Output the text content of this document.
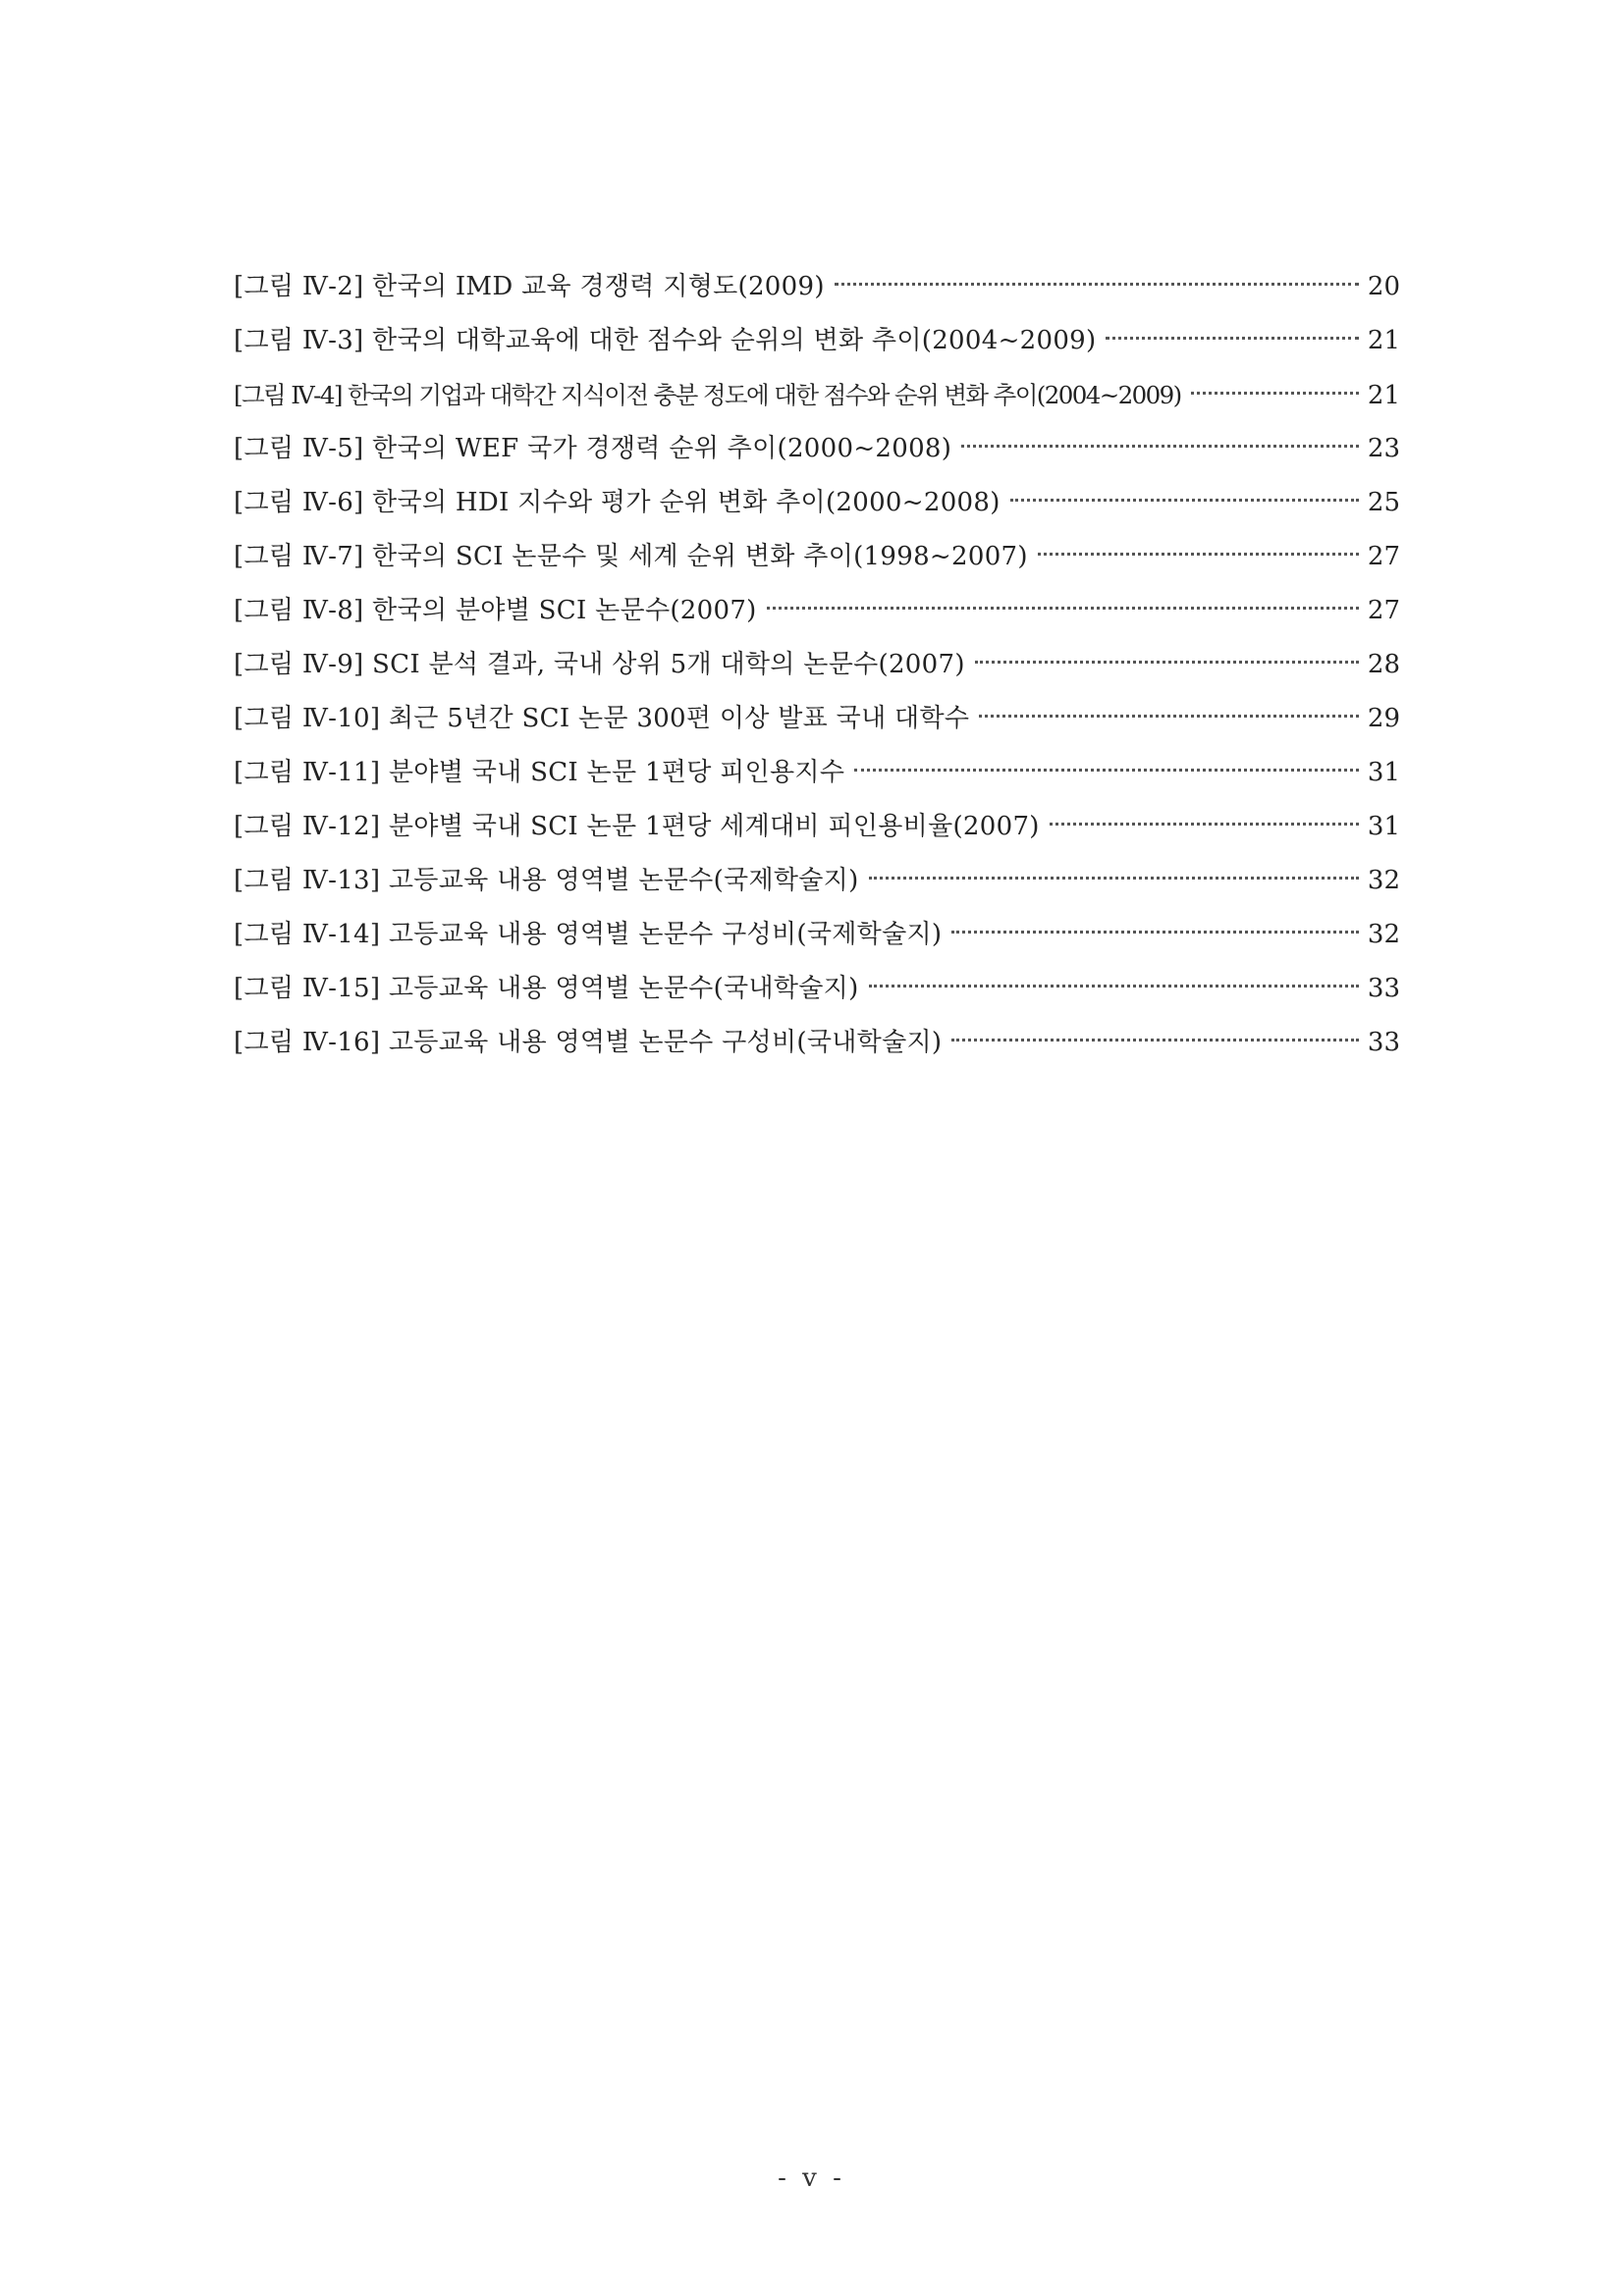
[그림 Ⅳ-2] 한국의 IMD 교육 경쟁력 지형도(2009)	20
[그림 Ⅳ-3] 한국의 대학교육에 대한 점수와 순위의 변화 추이(2004~2009)	21
[그림 Ⅳ-4] 한국의 기업과 대학간 지식이전 충분 정도에 대한 점수와 순위 변화 추이(2004~2009)	21
[그림 Ⅳ-5] 한국의 WEF 국가 경쟁력 순위 추이(2000~2008)	23
[그림 Ⅳ-6] 한국의 HDI 지수와 평가 순위 변화 추이(2000~2008)	25
[그림 Ⅳ-7] 한국의 SCI 논문수 및 세계 순위 변화 추이(1998~2007)	27
[그림 Ⅳ-8] 한국의 분야별 SCI 논문수(2007)	27
[그림 Ⅳ-9] SCI 분석 결과, 국내 상위 5개 대학의 논문수(2007)	28
[그림 Ⅳ-10] 최근 5년간 SCI 논문 300편 이상 발표 국내 대학수	29
[그림 Ⅳ-11] 분야별 국내 SCI 논문 1편당 피인용지수	31
[그림 Ⅳ-12] 분야별 국내 SCI 논문 1편당 세계대비 피인용비율(2007)	31
[그림 Ⅳ-13] 고등교육 내용 영역별 논문수(국제학술지)	32
[그림 Ⅳ-14] 고등교육 내용 영역별 논문수 구성비(국제학술지)	32
[그림 Ⅳ-15] 고등교육 내용 영역별 논문수(국내학술지)	33
[그림 Ⅳ-16] 고등교육 내용 영역별 논문수 구성비(국내학술지)	33
- v -
